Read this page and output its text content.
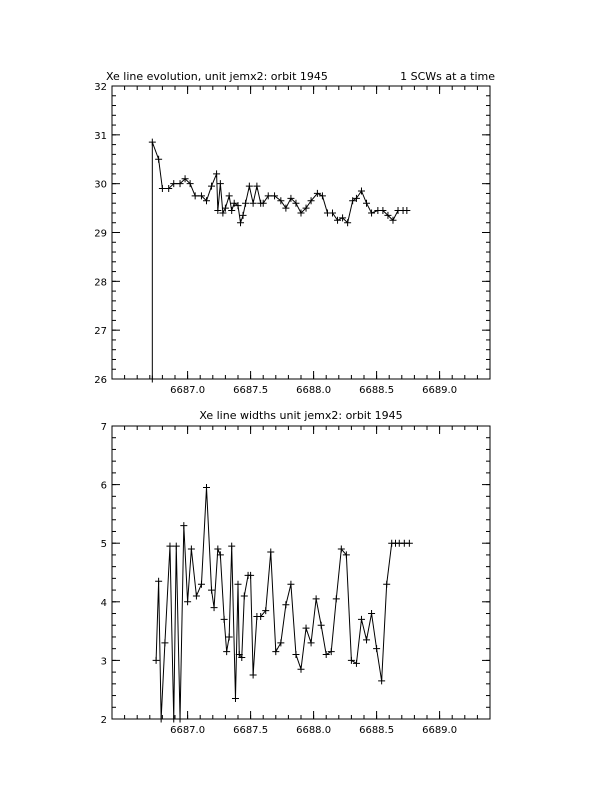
Xe line evolution, unit jemx2: orbit 1945	1 SCWs at a time
6687.0	6687.5	6688.0	6688.5	6689.0
26
27
28
29
30
31
32
Xe line widths unit jemx2: orbit 1945
6687.0	6687.5	6688.0	6688.5	6689.0
2
3
4
5
6
7
